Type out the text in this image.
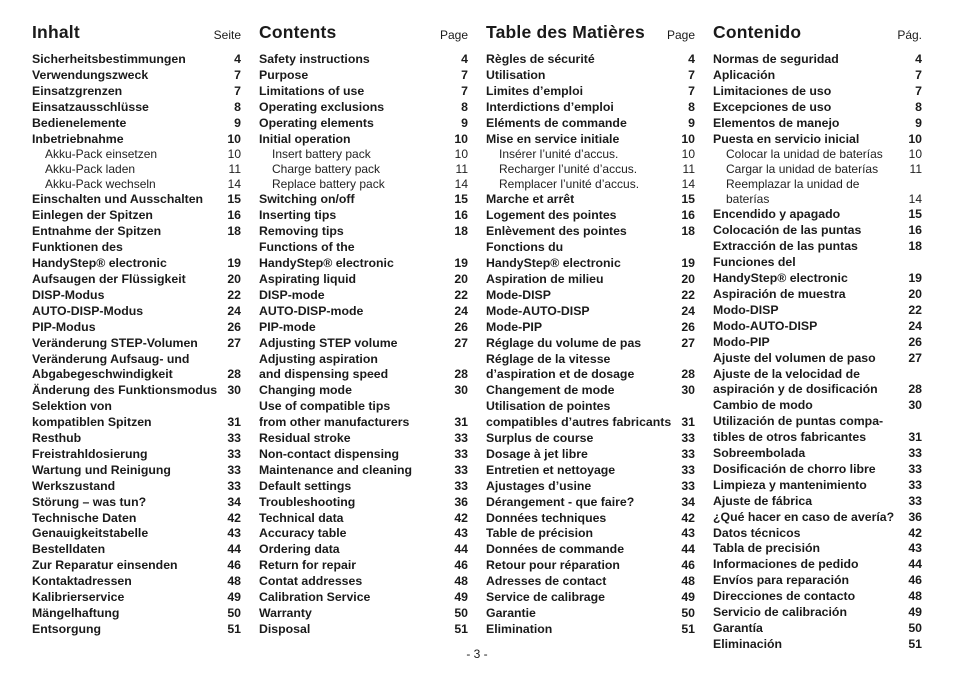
Inhalt	Seite
Sicherheitsbestimmungen	4
Verwendungszweck	7
Einsatzgrenzen	7
Einsatzausschlüsse	8
Bedienelemente	9
Inbetriebnahme	10
Akku-Pack einsetzen	10
Akku-Pack laden	11
Akku-Pack wechseln	14
Einschalten und Ausschalten	15
Einlegen der Spitzen	16
Entnahme der Spitzen	18
Funktionen des
HandyStep® electronic	19
Aufsaugen der Flüssigkeit	20
DISP-Modus	22
AUTO-DISP-Modus	24
PIP-Modus	26
Veränderung STEP-Volumen	27
Veränderung Aufsaug- und
Abgabegeschwindigkeit	28
Änderung des Funktionsmodus 30
Selektion von
kompatiblen Spitzen	31
Resthub	33
Freistrahldosierung	33
Wartung und Reinigung	33
Werkszustand	33
Störung – was tun?	34
Technische Daten	42
Genauigkeitstabelle	43
Bestelldaten	44
Zur Reparatur einsenden	46
Kontaktadressen	48
Kalibrierservice	49
Mängelhaftung	50
Entsorgung	51
Contents	Page
Safety instructions	4
Purpose	7
Limitations of use	7
Operating exclusions	8
Operating elements	9
Initial operation	10
Insert battery pack	10
Charge battery pack	11
Replace battery pack	14
Switching on/off	15
Inserting tips	16
Removing tips	18
Functions of the
HandyStep® electronic	19
Aspirating liquid	20
DISP-mode	22
AUTO-DISP-mode	24
PIP-mode	26
Adjusting STEP volume	27
Adjusting aspiration
and dispensing speed	28
Changing mode	30
Use of compatible tips
from other manufacturers	31
Residual stroke	33
Non-contact dispensing	33
Maintenance and cleaning	33
Default settings	33
Troubleshooting	36
Technical data	42
Accuracy table	43
Ordering data	44
Return for repair	46
Contat addresses	48
Calibration Service	49
Warranty	50
Disposal	51
Table des Matières Page
Règles de sécurité	4
Utilisation	7
Limites d’emploi	7
Interdictions d’emploi	8
Eléments de commande	9
Mise en service initiale	10
Insérer l’unité d’accus.	10
Recharger l’unité d’accus.	11
Remplacer l’unité d’accus.	14
Marche et arrêt	15
Logement des pointes	16
Enlèvement des pointes	18
Fonctions du
HandyStep® electronic	19
Aspiration de milieu	20
Mode-DISP	22
Mode-AUTO-DISP	24
Mode-PIP	26
Réglage du volume de pas	27
Réglage de la vitesse
d’aspiration et de dosage	28
Changement de mode	30
Utilisation de pointes
compatibles d’autres fabricants 31
Surplus de course	33
Dosage à jet libre	33
Entretien et nettoyage	33
Ajustages d’usine	33
Dérangement - que faire?	34
Données techniques	42
Table de précision	43
Données de commande	44
Retour pour réparation	46
Adresses de contact	48
Service de calibrage	49
Garantie	50
Elimination	51
Contenido	Pág.
Normas de seguridad	4
Aplicación	7
Limitaciones de uso	7
Excepciones de uso	8
Elementos de manejo	9
Puesta en servicio inicial	10
Colocar la unidad de baterías	10
Cargar la unidad de baterías	11
Reemplazar la unidad de baterías	14
Encendido y apagado	15
Colocación de las puntas	16
Extracción de las puntas	18
Funciones del
HandyStep® electronic	19
Aspiración de muestra	20
Modo-DISP	22
Modo-AUTO-DISP	24
Modo-PIP	26
Ajuste del volumen de paso	27
Ajuste de la velocidad de
aspiración y de dosificación	28
Cambio de modo	30
Utilización de puntas compa-
tibles de otros fabricantes	31
Sobreembolada	33
Dosificación de chorro libre	33
Limpieza y mantenimiento	33
Ajuste de fábrica	33
¿Qué hacer en caso de avería?	36
Datos técnicos	42
Tabla de precisión	43
Informaciones de pedido	44
Envíos para reparación	46
Direcciones de contacto	48
Servicio de calibración	49
Garantía	50
Eliminación	51
- 3 -
